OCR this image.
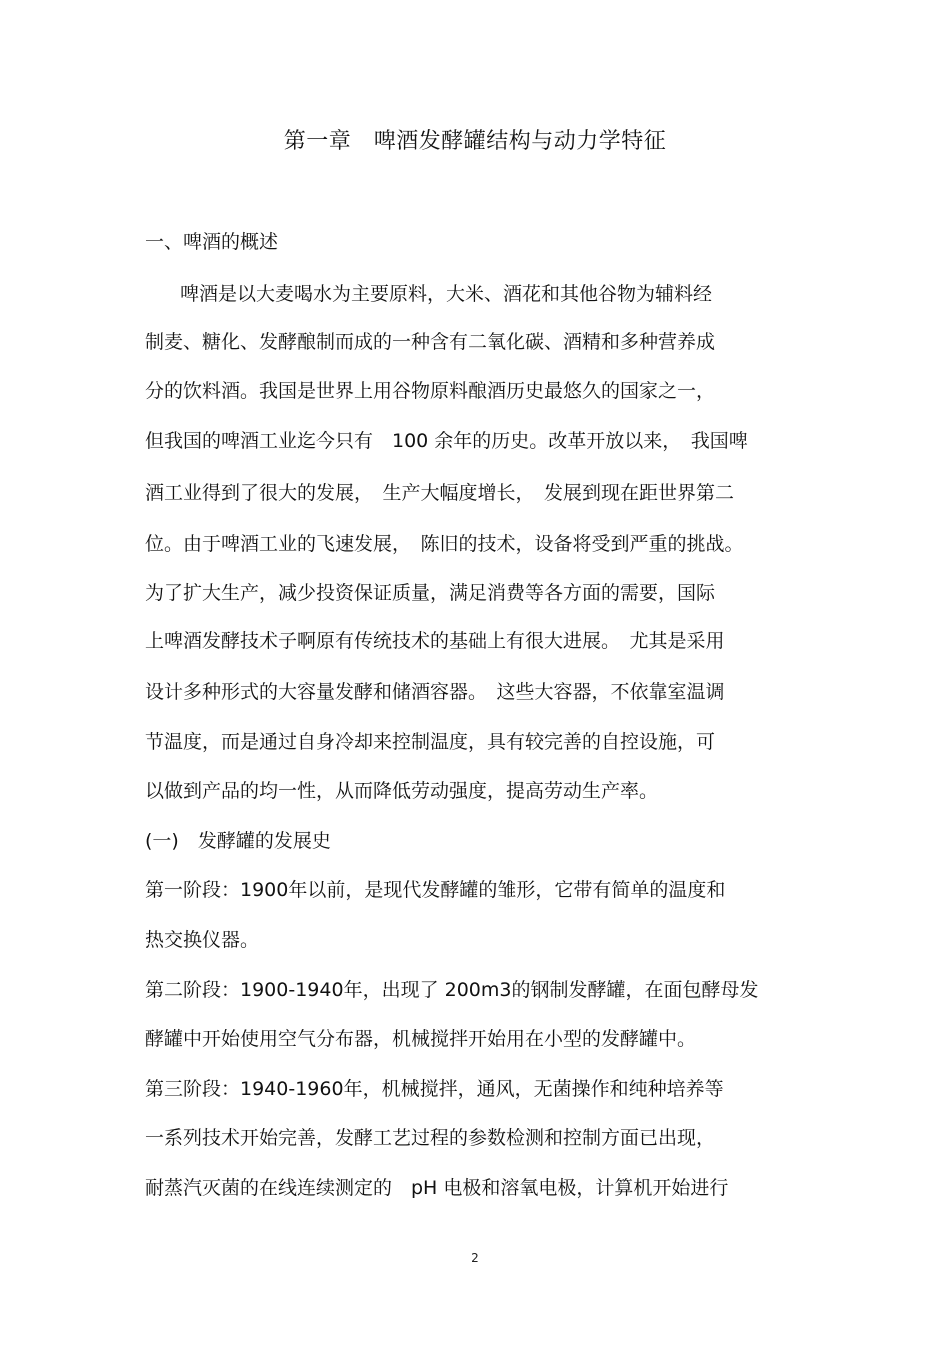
第一章　啤酒发酵罐结构与动力学特征
一、啤酒的概述
啤酒是以大麦喝水为主要原料，大米、酒花和其他谷物为辅料经
制麦、糖化、发酵酿制而成的一种含有二氧化碳、酒精和多种营养成
分的饮料酒。我国是世界上用谷物原料酿酒历史最悠久的国家之一，
但我国的啤酒工业迄今只有　100 余年的历史。改革开放以来，　我国啤
酒工业得到了很大的发展，　生产大幅度增长，　发展到现在距世界第二
位。由于啤酒工业的飞速发展，　陈旧的技术，设备将受到严重的挑战。
为了扩大生产，减少投资保证质量，满足消费等各方面的需要，国际
上啤酒发酵技术子啊原有传统技术的基础上有很大进展。　尤其是采用
设计多种形式的大容量发酵和储酒容器。　这些大容器，不依靠室温调
节温度，而是通过自身冷却来控制温度，具有较完善的自控设施，可
以做到产品的均一性，从而降低劳动强度，提高劳动生产率。
(一)　发酵罐的发展史
第一阶段：1900年以前，是现代发酵罐的雏形，它带有简单的温度和
热交换仪器。
第二阶段：1900-1940年，出现了 200m3的钢制发酵罐，在面包酵母发
酵罐中开始使用空气分布器，机械搅拌开始用在小型的发酵罐中。
第三阶段：1940-1960年，机械搅拌，通风，无菌操作和纯种培养等
一系列技术开始完善，发酵工艺过程的参数检测和控制方面已出现，
耐蒸汽灭菌的在线连续测定的　pH 电极和溶氧电极，计算机开始进行
2
